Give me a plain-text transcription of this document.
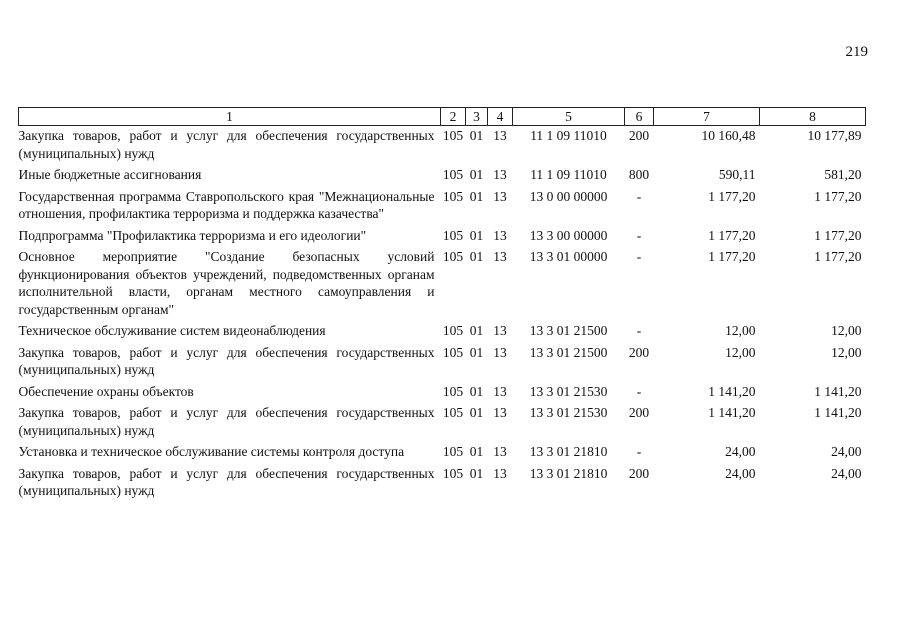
219
1	2	3	4	5	6	7	8
Закупка товаров, работ и услуг для обеспечения государственных (муниципальных) нужд	105	01	13	11 1 09 11010	200	10 160,48	10 177,89
Иные бюджетные ассигнования	105	01	13	11 1 09 11010	800	590,11	581,20
Государственная программа Ставропольского края "Межнациональные отношения, профилактика терроризма и поддержка казачества"	105	01	13	13 0 00 00000	-	1 177,20	1 177,20
Подпрограмма "Профилактика терроризма и его идеологии"	105	01	13	13 3 00 00000	-	1 177,20	1 177,20
Основное мероприятие "Создание безопасных условий функционирования объектов учреждений, подведомственных органам исполнительной власти, органам местного самоуправления и государственным органам"	105	01	13	13 3 01 00000	-	1 177,20	1 177,20
Техническое обслуживание систем видеонаблюдения	105	01	13	13 3 01 21500	-	12,00	12,00
Закупка товаров, работ и услуг для обеспечения государственных (муниципальных) нужд	105	01	13	13 3 01 21500	200	12,00	12,00
Обеспечение охраны объектов	105	01	13	13 3 01 21530	-	1 141,20	1 141,20
Закупка товаров, работ и услуг для обеспечения государственных (муниципальных) нужд	105	01	13	13 3 01 21530	200	1 141,20	1 141,20
Установка и техническое обслуживание системы контроля доступа	105	01	13	13 3 01 21810	-	24,00	24,00
Закупка товаров, работ и услуг для обеспечения государственных (муниципальных) нужд	105	01	13	13 3 01 21810	200	24,00	24,00
